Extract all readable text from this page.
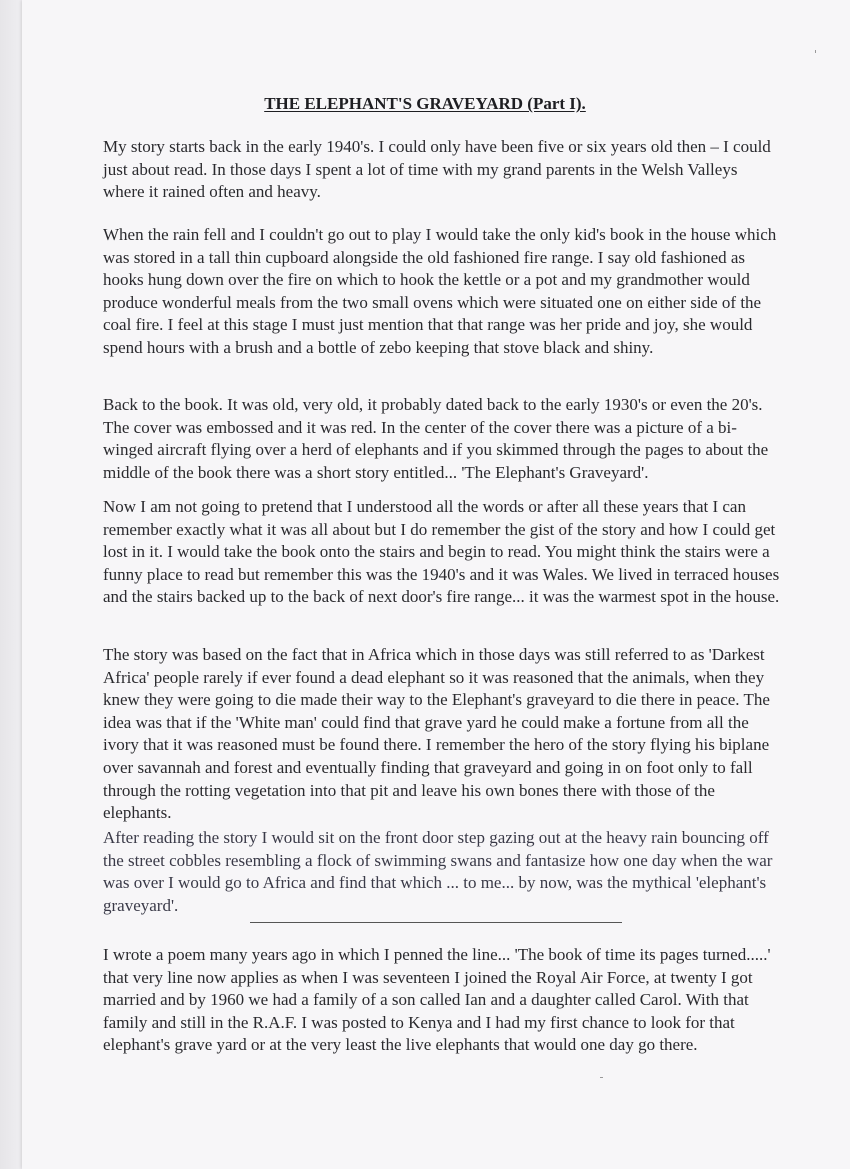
THE ELEPHANT'S GRAVEYARD (Part I).

My story starts back in the early 1940's. I could only have been five or six years old then – I could just about read. In those days I spent a lot of time with my grand parents in the Welsh Valleys where it rained often and heavy.

When the rain fell and I couldn't go out to play I would take the only kid's book in the house which was stored in a tall thin cupboard alongside the old fashioned fire range. I say old fashioned as hooks hung down over the fire on which to hook the kettle or a pot and my grandmother would produce wonderful meals from the two small ovens which were situated one on either side of the coal fire. I feel at this stage I must just mention that that range was her pride and joy, she would spend hours with a brush and a bottle of zebo keeping that stove black and shiny.

Back to the book. It was old, very old, it probably dated back to the early 1930's or even the 20's. The cover was embossed and it was red. In the center of the cover there was a picture of a bi-winged aircraft flying over a herd of elephants and if you skimmed through the pages to about the middle of the book there was a short story entitled... 'The Elephant's Graveyard'.

Now I am not going to pretend that I understood all the words or after all these years that I can remember exactly what it was all about but I do remember the gist of the story and how I could get lost in it. I would take the book onto the stairs and begin to read. You might think the stairs were a funny place to read but remember this was the 1940's and it was Wales. We lived in terraced houses and the stairs backed up to the back of next door's fire range... it was the warmest spot in the house.

The story was based on the fact that in Africa which in those days was still referred to as 'Darkest Africa' people rarely if ever found a dead elephant so it was reasoned that the animals, when they knew they were going to die made their way to the Elephant's graveyard to die there in peace. The idea was that if the 'White man' could find that grave yard he could make a fortune from all the ivory that it was reasoned must be found there. I remember the hero of the story flying his biplane over savannah and forest and eventually finding that graveyard and going in on foot only to fall through the rotting vegetation into that pit and leave his own bones there with those of the elephants.

After reading the story I would sit on the front door step gazing out at the heavy rain bouncing off the street cobbles resembling a flock of swimming swans and fantasize how one day when the war was over I would go to Africa and find that which ... to me... by now, was the mythical 'elephant's graveyard'.

I wrote a poem many years ago in which I penned the line... 'The book of time its pages turned.....' that very line now applies as when I was seventeen I joined the Royal Air Force, at twenty I got married and by 1960 we had a family of a son called Ian and a daughter called Carol. With that family and still in the R.A.F. I was posted to Kenya and I had my first chance to look for that elephant's grave yard or at the very least the live elephants that would one day go there.
